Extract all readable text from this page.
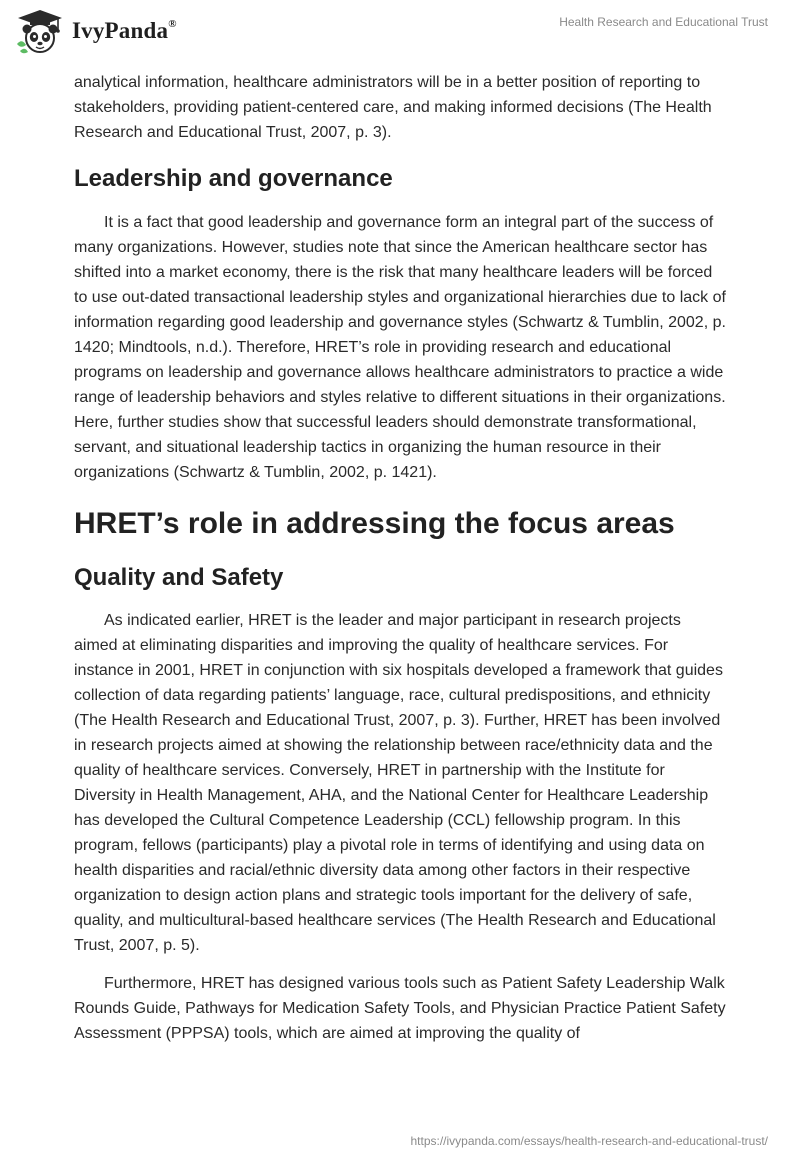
IvyPanda®	Health Research and Educational Trust

analytical information, healthcare administrators will be in a better position of reporting to stakeholders, providing patient-centered care, and making informed decisions (The Health Research and Educational Trust, 2007, p. 3).

Leadership and governance

It is a fact that good leadership and governance form an integral part of the success of many organizations. However, studies note that since the American healthcare sector has shifted into a market economy, there is the risk that many healthcare leaders will be forced to use out-dated transactional leadership styles and organizational hierarchies due to lack of information regarding good leadership and governance styles (Schwartz & Tumblin, 2002, p. 1420; Mindtools, n.d.). Therefore, HRET’s role in providing research and educational programs on leadership and governance allows healthcare administrators to practice a wide range of leadership behaviors and styles relative to different situations in their organizations. Here, further studies show that successful leaders should demonstrate transformational, servant, and situational leadership tactics in organizing the human resource in their organizations (Schwartz & Tumblin, 2002, p. 1421).

HRET’s role in addressing the focus areas
Quality and Safety

As indicated earlier, HRET is the leader and major participant in research projects aimed at eliminating disparities and improving the quality of healthcare services. For instance in 2001, HRET in conjunction with six hospitals developed a framework that guides collection of data regarding patients’ language, race, cultural predispositions, and ethnicity (The Health Research and Educational Trust, 2007, p. 3). Further, HRET has been involved in research projects aimed at showing the relationship between race/ethnicity data and the quality of healthcare services. Conversely, HRET in partnership with the Institute for Diversity in Health Management, AHA, and the National Center for Healthcare Leadership has developed the Cultural Competence Leadership (CCL) fellowship program. In this program, fellows (participants) play a pivotal role in terms of identifying and using data on health disparities and racial/ethnic diversity data among other factors in their respective organization to design action plans and strategic tools important for the delivery of safe, quality, and multicultural-based healthcare services (The Health Research and Educational Trust, 2007, p. 5).

Furthermore, HRET has designed various tools such as Patient Safety Leadership Walk Rounds Guide, Pathways for Medication Safety Tools, and Physician Practice Patient Safety Assessment (PPPSA) tools, which are aimed at improving the quality of

https://ivypanda.com/essays/health-research-and-educational-trust/
